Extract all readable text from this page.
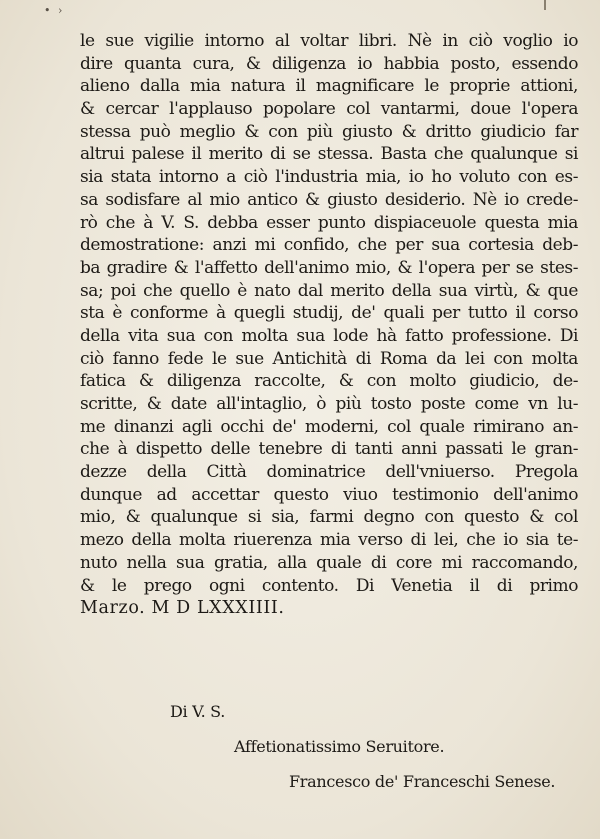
• ›
le sue vigilie intorno al voltar libri. Nè in ciò voglio io
dire quanta cura, & diligenza io habbia posto, essendo
alieno dalla mia natura il magnificare le proprie attioni,
& cercar l'applauso popolare col vantarmi, doue l'opera
stessa può meglio & con più giusto & dritto giudicio far
altrui palese il merito di se stessa. Basta che qualunque si
sia stata intorno a ciò l'industria mia, io ho voluto con es-
sa sodisfare al mio antico & giusto desiderio. Nè io crede-
rò che à V. S. debba esser punto dispiaceuole questa mia
demostratione: anzi mi confido, che per sua cortesia deb-
ba gradire & l'affetto dell'animo mio, & l'opera per se stes-
sa; poi che quello è nato dal merito della sua virtù, & que
sta è conforme à quegli studij, de' quali per tutto il corso
della vita sua con molta sua lode hà fatto professione. Di
ciò fanno fede le sue Antichità di Roma da lei con molta
fatica & diligenza raccolte, & con molto giudicio, de-
scritte, & date all'intaglio, ò più tosto poste come vn lu-
me dinanzi agli occhi de' moderni, col quale rimirano an-
che à dispetto delle tenebre di tanti anni passati le gran-
dezze della Città dominatrice dell'vniuerso. Pregola
dunque ad accettar questo viuo testimonio dell'animo
mio, & qualunque si sia, farmi degno con questo & col
mezo della molta riuerenza mia verso di lei, che io sia te-
nuto nella sua gratia, alla quale di core mi raccomando,
& le prego ogni contento. Di Venetia il di primo
Marzo. M D LXXXIIII.
Di V. S.
Affetionatissimo Seruitore.
Francesco de' Franceschi Senese.
